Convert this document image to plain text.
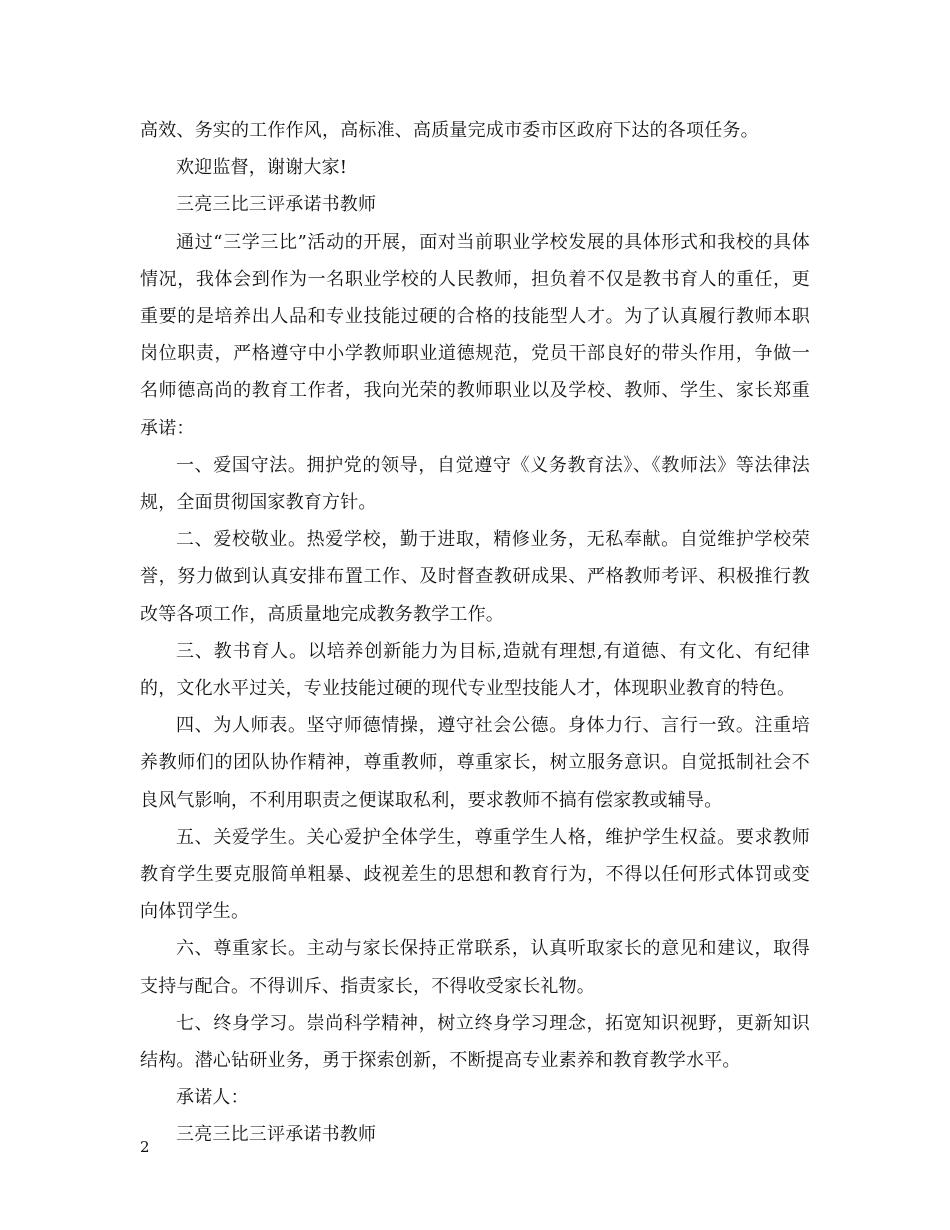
高效、务实的工作作风，高标准、高质量完成市委市区政府下达的各项任务。

欢迎监督，谢谢大家!

三亮三比三评承诺书教师

通过“三学三比”活动的开展，面对当前职业学校发展的具体形式和我校的具体情况，我体会到作为一名职业学校的人民教师，担负着不仅是教书育人的重任，更重要的是培养出人品和专业技能过硬的合格的技能型人才。为了认真履行教师本职岗位职责，严格遵守中小学教师职业道德规范，党员干部良好的带头作用，争做一名师德高尚的教育工作者，我向光荣的教师职业以及学校、教师、学生、家长郑重承诺：

一、爱国守法。拥护党的领导，自觉遵守《义务教育法》、《教师法》等法律法规，全面贯彻国家教育方针。

二、爱校敬业。热爱学校，勤于进取，精修业务，无私奉献。自觉维护学校荣誉，努力做到认真安排布置工作、及时督查教研成果、严格教师考评、积极推行教改等各项工作，高质量地完成教务教学工作。

三、教书育人。以培养创新能力为目标,造就有理想,有道德、有文化、有纪律的，文化水平过关，专业技能过硬的现代专业型技能人才，体现职业教育的特色。

四、为人师表。坚守师德情操，遵守社会公德。身体力行、言行一致。注重培养教师们的团队协作精神，尊重教师，尊重家长，树立服务意识。自觉抵制社会不良风气影响，不利用职责之便谋取私利，要求教师不搞有偿家教或辅导。

五、关爱学生。关心爱护全体学生，尊重学生人格，维护学生权益。要求教师教育学生要克服简单粗暴、歧视差生的思想和教育行为，不得以任何形式体罚或变向体罚学生。

六、尊重家长。主动与家长保持正常联系，认真听取家长的意见和建议，取得支持与配合。不得训斥、指责家长，不得收受家长礼物。

七、终身学习。崇尚科学精神，树立终身学习理念，拓宽知识视野，更新知识结构。潜心钻研业务，勇于探索创新，不断提高专业素养和教育教学水平。

承诺人：

三亮三比三评承诺书教师

2
